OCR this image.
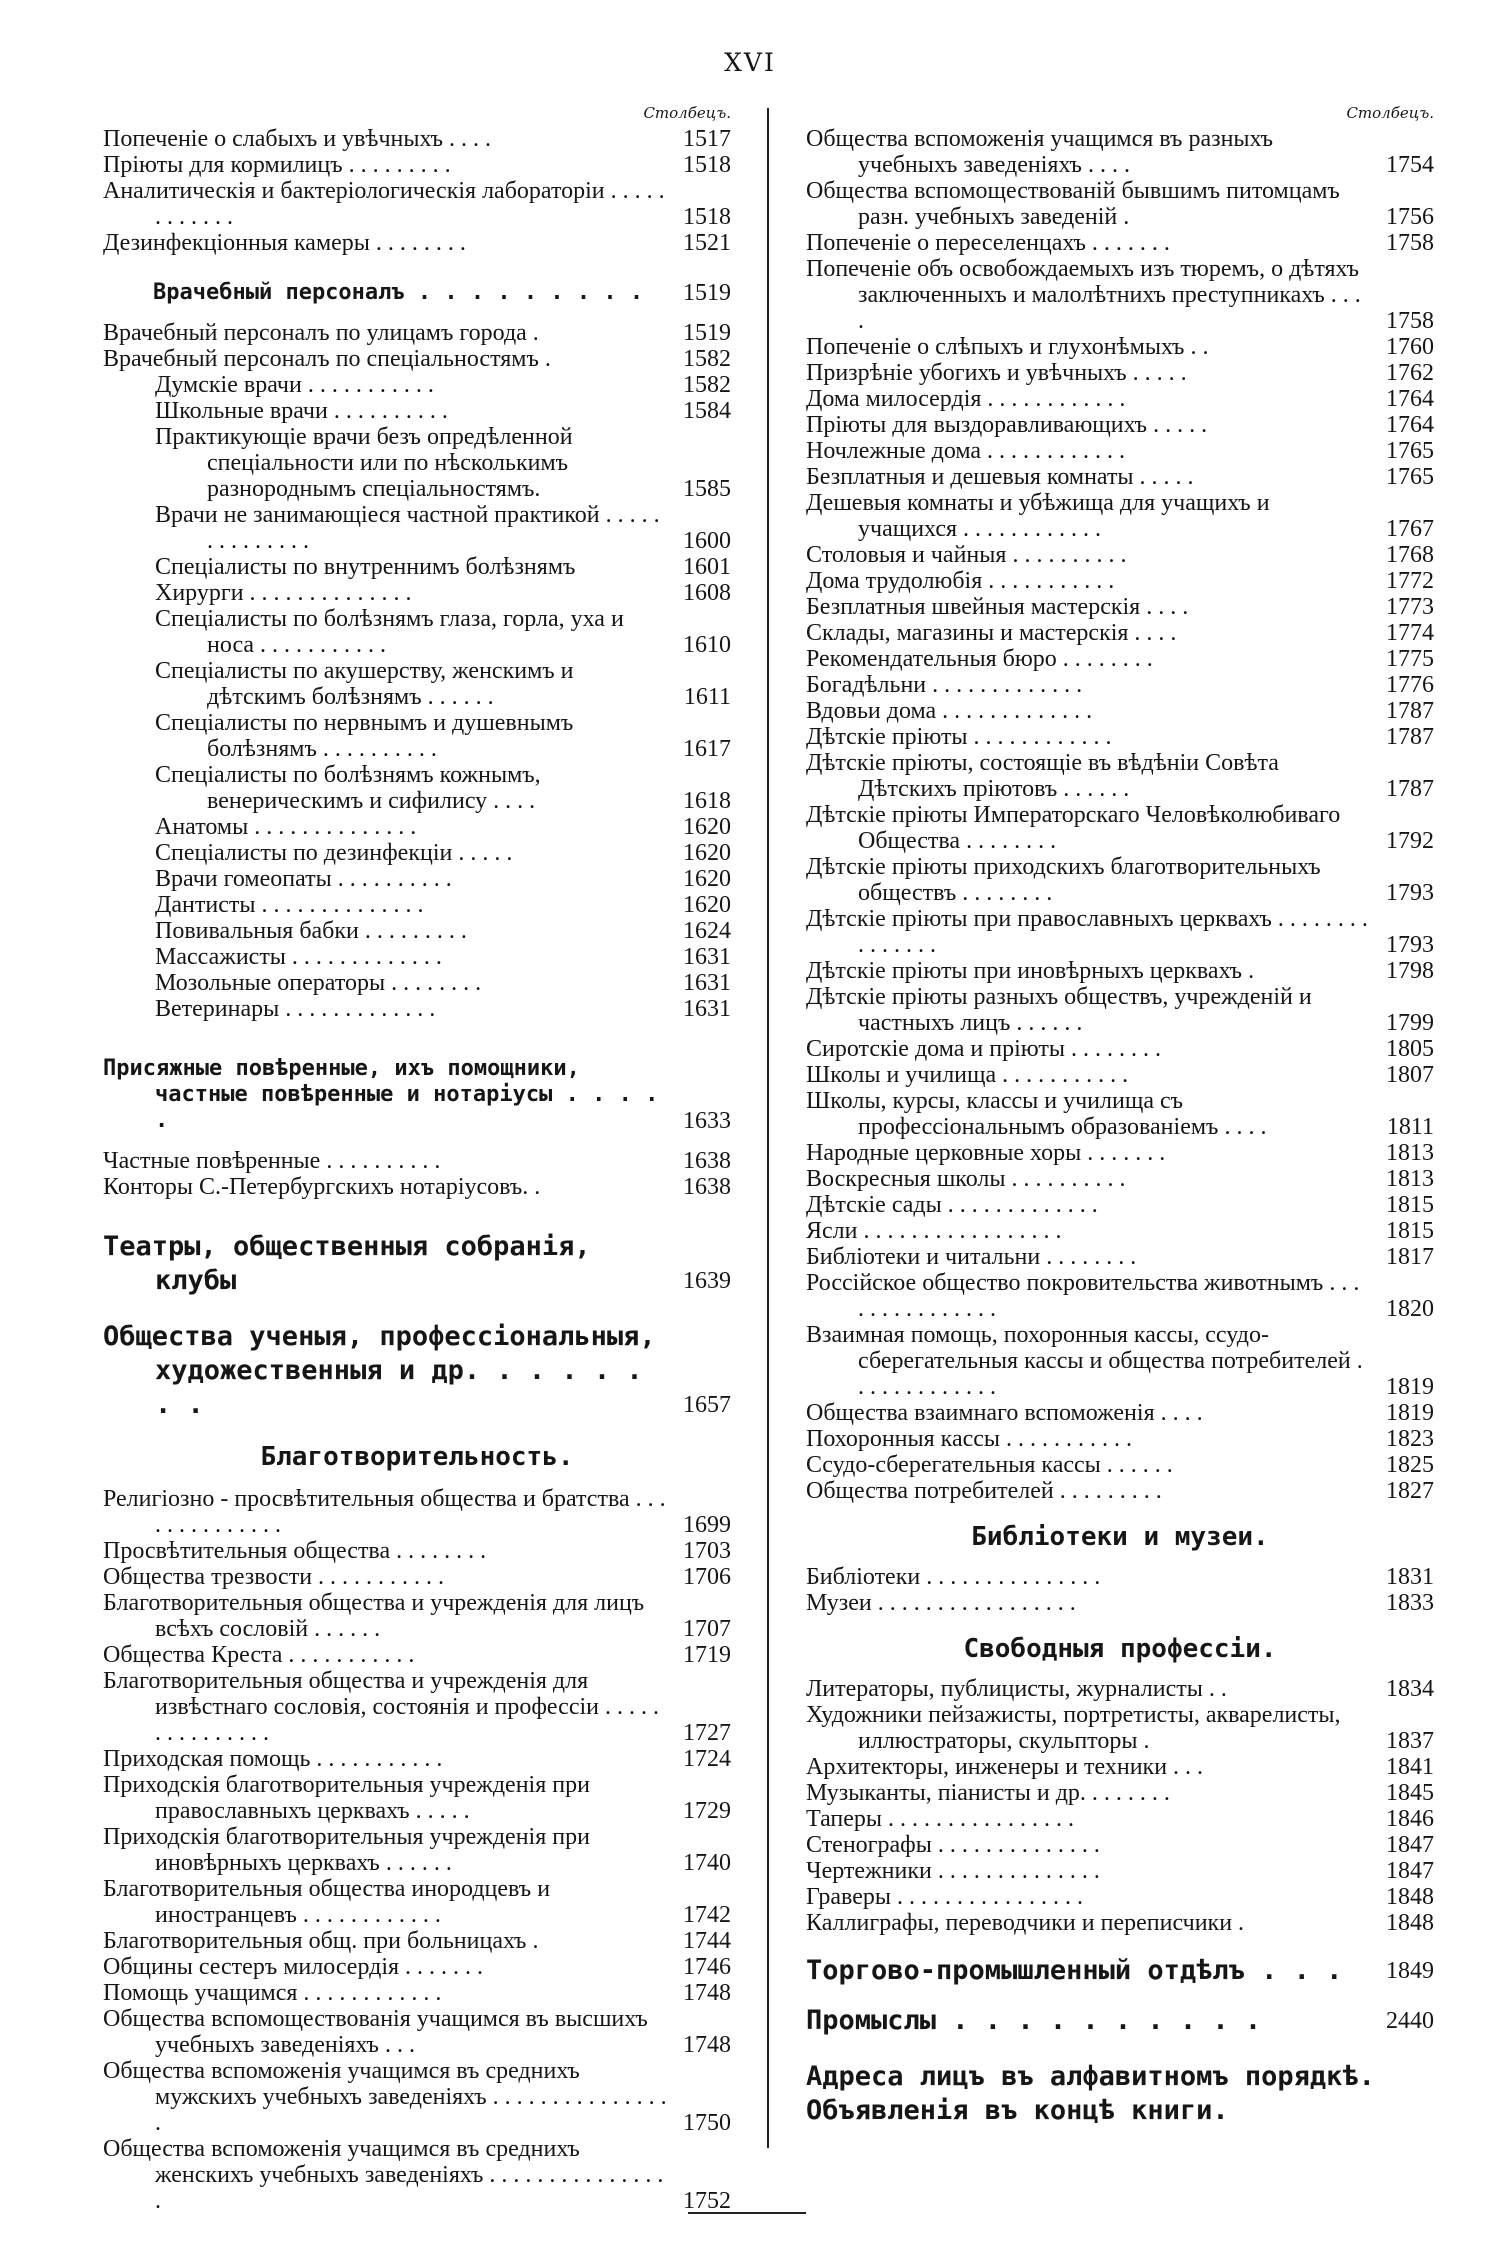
XVI
Столбецъ.
Попеченіе о слабыхъ и увѣчныхъ . . . .	1517
Пріюты для кормилицъ . . . . . . . . .	1518
Аналитическія и бактеріологическія лабораторіи . . . . . . . . . . . .	1518
Дезинфекціонныя камеры . . . . . . . .	1521
Врачебный персоналъ . . . . . . . . .	1519
Врачебный персоналъ по улицамъ города .	1519
Врачебный персоналъ по спеціальностямъ .	1582
Думскіе врачи . . . . . . . . . . .	1582
Школьные врачи . . . . . . . . . .	1584
Практикующіе врачи безъ опредѣленной спеціальности или по нѣсколькимъ разнороднымъ спеціальностямъ.	1585
Врачи не занимающіеся частной практикой . . . . . . . . . . . . . .	1600
Спеціалисты по внутреннимъ болѣзнямъ	1601
Хирурги . . . . . . . . . . . . . .	1608
Спеціалисты по болѣзнямъ глаза, горла, уха и носа . . . . . . . . . . .	1610
Спеціалисты по акушерству, женскимъ и дѣтскимъ болѣзнямъ . . . . . .	1611
Спеціалисты по нервнымъ и душевнымъ болѣзнямъ . . . . . . . . . .	1617
Спеціалисты по болѣзнямъ кожнымъ, венерическимъ и сифилису . . . .	1618
Анатомы . . . . . . . . . . . . . .	1620
Спеціалисты по дезинфекціи . . . . .	1620
Врачи гомеопаты . . . . . . . . . .	1620
Дантисты . . . . . . . . . . . . . .	1620
Повивальныя бабки . . . . . . . . .	1624
Массажисты . . . . . . . . . . . . .	1631
Мозольные операторы . . . . . . . .	1631
Ветеринары . . . . . . . . . . . . .	1631
Присяжные повѣренные, ихъ помощники, частные повѣренные и нотаріусы . . . . .	1633
Частные повѣренные . . . . . . . . . .	1638
Конторы С.-Петербургскихъ нотаріусовъ. .	1638
Театры, общественныя собранія, клубы	1639
Общества ученыя, профессіональныя, художественныя и др. . . . . . . .	1657
Благотворительность.
Религіозно - просвѣтительныя общества и братства . . . . . . . . . . . . . .	1699
Просвѣтительныя общества . . . . . . . .	1703
Общества трезвости . . . . . . . . . . .	1706
Благотворительныя общества и учрежденія для лицъ всѣхъ сословій . . . . . .	1707
Общества Креста . . . . . . . . . . .	1719
Благотворительныя общества и учрежденія для извѣстнаго сословія, состоянія и профессіи . . . . . . . . . . . . . . .	1727
Приходская помощь . . . . . . . . . . .	1724
Приходскія благотворительныя учрежденія при православныхъ церквахъ . . . . .	1729
Приходскія благотворительныя учрежденія при иновѣрныхъ церквахъ . . . . . .	1740
Благотворительныя общества инородцевъ и иностранцевъ . . . . . . . . . . . .	1742
Благотворительныя общ. при больницахъ .	1744
Общины сестеръ милосердія . . . . . . .	1746
Помощь учащимся . . . . . . . . . . . .	1748
Общества вспомоществованія учащимся въ высшихъ учебныхъ заведеніяхъ . . .	1748
Общества вспоможенія учащимся въ среднихъ мужскихъ учебныхъ заведеніяхъ . . . . . . . . . . . . . . . .	1750
Общества вспоможенія учащимся въ среднихъ женскихъ учебныхъ заведеніяхъ . . . . . . . . . . . . . . . .	1752
Столбецъ.
Общества вспоможенія учащимся въ разныхъ учебныхъ заведеніяхъ . . . .	1754
Общества вспомоществованій бывшимъ питомцамъ разн. учебныхъ заведеній .	1756
Попеченіе о переселенцахъ . . . . . . .	1758
Попеченіе объ освобождаемыхъ изъ тюремъ, о дѣтяхъ заключенныхъ и малолѣтнихъ преступникахъ . . . .	1758
Попеченіе о слѣпыхъ и глухонѣмыхъ . .	1760
Призрѣніе убогихъ и увѣчныхъ . . . . .	1762
Дома милосердія . . . . . . . . . . . .	1764
Пріюты для выздоравливающихъ . . . . .	1764
Ночлежные дома . . . . . . . . . . . .	1765
Безплатныя и дешевыя комнаты . . . . .	1765
Дешевыя комнаты и убѣжища для учащихъ и учащихся . . . . . . . . . . . .	1767
Столовыя и чайныя . . . . . . . . . .	1768
Дома трудолюбія . . . . . . . . . . .	1772
Безплатныя швейныя мастерскія . . . .	1773
Склады, магазины и мастерскія . . . .	1774
Рекомендательныя бюро . . . . . . . .	1775
Богадѣльни . . . . . . . . . . . . .	1776
Вдовьи дома . . . . . . . . . . . . .	1787
Дѣтскіе пріюты . . . . . . . . . . . .	1787
Дѣтскіе пріюты, состоящіе въ вѣдѣніи Совѣта Дѣтскихъ пріютовъ . . . . . .	1787
Дѣтскіе пріюты Императорскаго Человѣколюбиваго Общества . . . . . . . .	1792
Дѣтскіе пріюты приходскихъ благотворительныхъ обществъ . . . . . . . .	1793
Дѣтскіе пріюты при православныхъ церквахъ . . . . . . . . . . . . . . .	1793
Дѣтскіе пріюты при иновѣрныхъ церквахъ .	1798
Дѣтскіе пріюты разныхъ обществъ, учрежденій и частныхъ лицъ . . . . . .	1799
Сиротскіе дома и пріюты . . . . . . . .	1805
Школы и училища . . . . . . . . . . .	1807
Школы, курсы, классы и училища съ профессіональнымъ образованіемъ . . . .	1811
Народные церковные хоры . . . . . . .	1813
Воскресныя школы . . . . . . . . . .	1813
Дѣтскіе сады . . . . . . . . . . . . .	1815
Ясли . . . . . . . . . . . . . . . . .	1815
Библіотеки и читальни . . . . . . . .	1817
Россійское общество покровительства животнымъ . . . . . . . . . . . . . . .	1820
Взаимная помощь, похоронныя кассы, ссудо-сберегательныя кассы и общества потребителей . . . . . . . . . . . . .	1819
Общества взаимнаго вспоможенія . . . .	1819
Похоронныя кассы . . . . . . . . . . .	1823
Ссудо-сберегательныя кассы . . . . . .	1825
Общества потребителей . . . . . . . . .	1827
Библіотеки и музеи.
Библіотеки . . . . . . . . . . . . . . .	1831
Музеи . . . . . . . . . . . . . . . . .	1833
Свободныя профессіи.
Литераторы, публицисты, журналисты . .	1834
Художники пейзажисты, портретисты, акварелисты, иллюстраторы, скульпторы .	1837
Архитекторы, инженеры и техники . . .	1841
Музыканты, піанисты и др. . . . . . . .	1845
Таперы . . . . . . . . . . . . . . . .	1846
Стенографы . . . . . . . . . . . . . .	1847
Чертежники . . . . . . . . . . . . . .	1847
Граверы . . . . . . . . . . . . . . . .	1848
Каллиграфы, переводчики и переписчики .	1848
Торгово-промышленный отдѣлъ . . .	1849
Промыслы . . . . . . . . . .	2440
Адреса лицъ въ алфавитномъ порядкѣ.
Объявленія въ концѣ книги.
